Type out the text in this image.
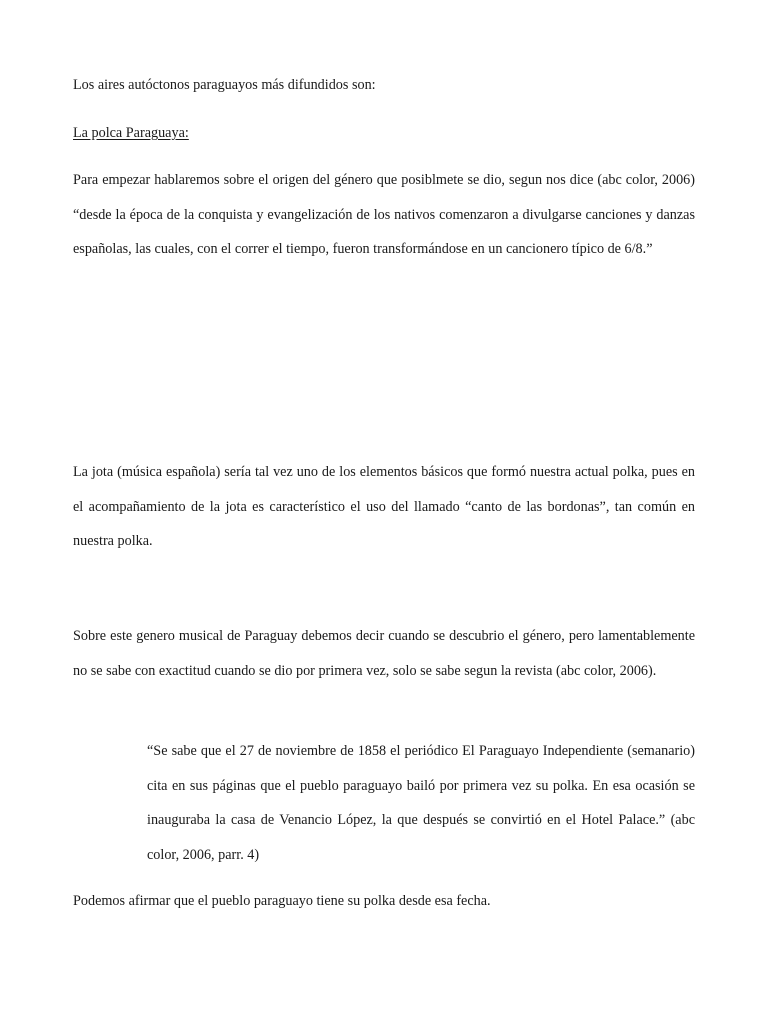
Los aires autóctonos paraguayos más difundidos son:

La polca Paraguaya:

Para empezar hablaremos sobre el origen del género que posiblmete se dio, segun nos dice (abc color, 2006) “desde la época de la conquista y evangelización de los nativos comenzaron a divulgarse canciones y danzas españolas, las cuales, con el correr el tiempo, fueron transformándose en un cancionero típico de 6/8.”

La jota (música española) sería tal vez uno de los elementos básicos que formó nuestra actual polka, pues en el acompañamiento de la jota es característico el uso del llamado “canto de las bordonas”, tan común en nuestra polka.

Sobre este genero musical de Paraguay debemos decir cuando se descubrio el género, pero lamentablemente no se sabe con exactitud cuando se dio por primera vez, solo se sabe segun la revista (abc color, 2006).

“Se sabe que el 27 de noviembre de 1858 el periódico El Paraguayo Independiente (semanario) cita en sus páginas que el pueblo paraguayo bailó por primera vez su polka. En esa ocasión se inauguraba la casa de Venancio López, la que después se convirtió en el Hotel Palace.” (abc color, 2006, parr. 4)

Podemos afirmar que el pueblo paraguayo tiene su polka desde esa fecha.
